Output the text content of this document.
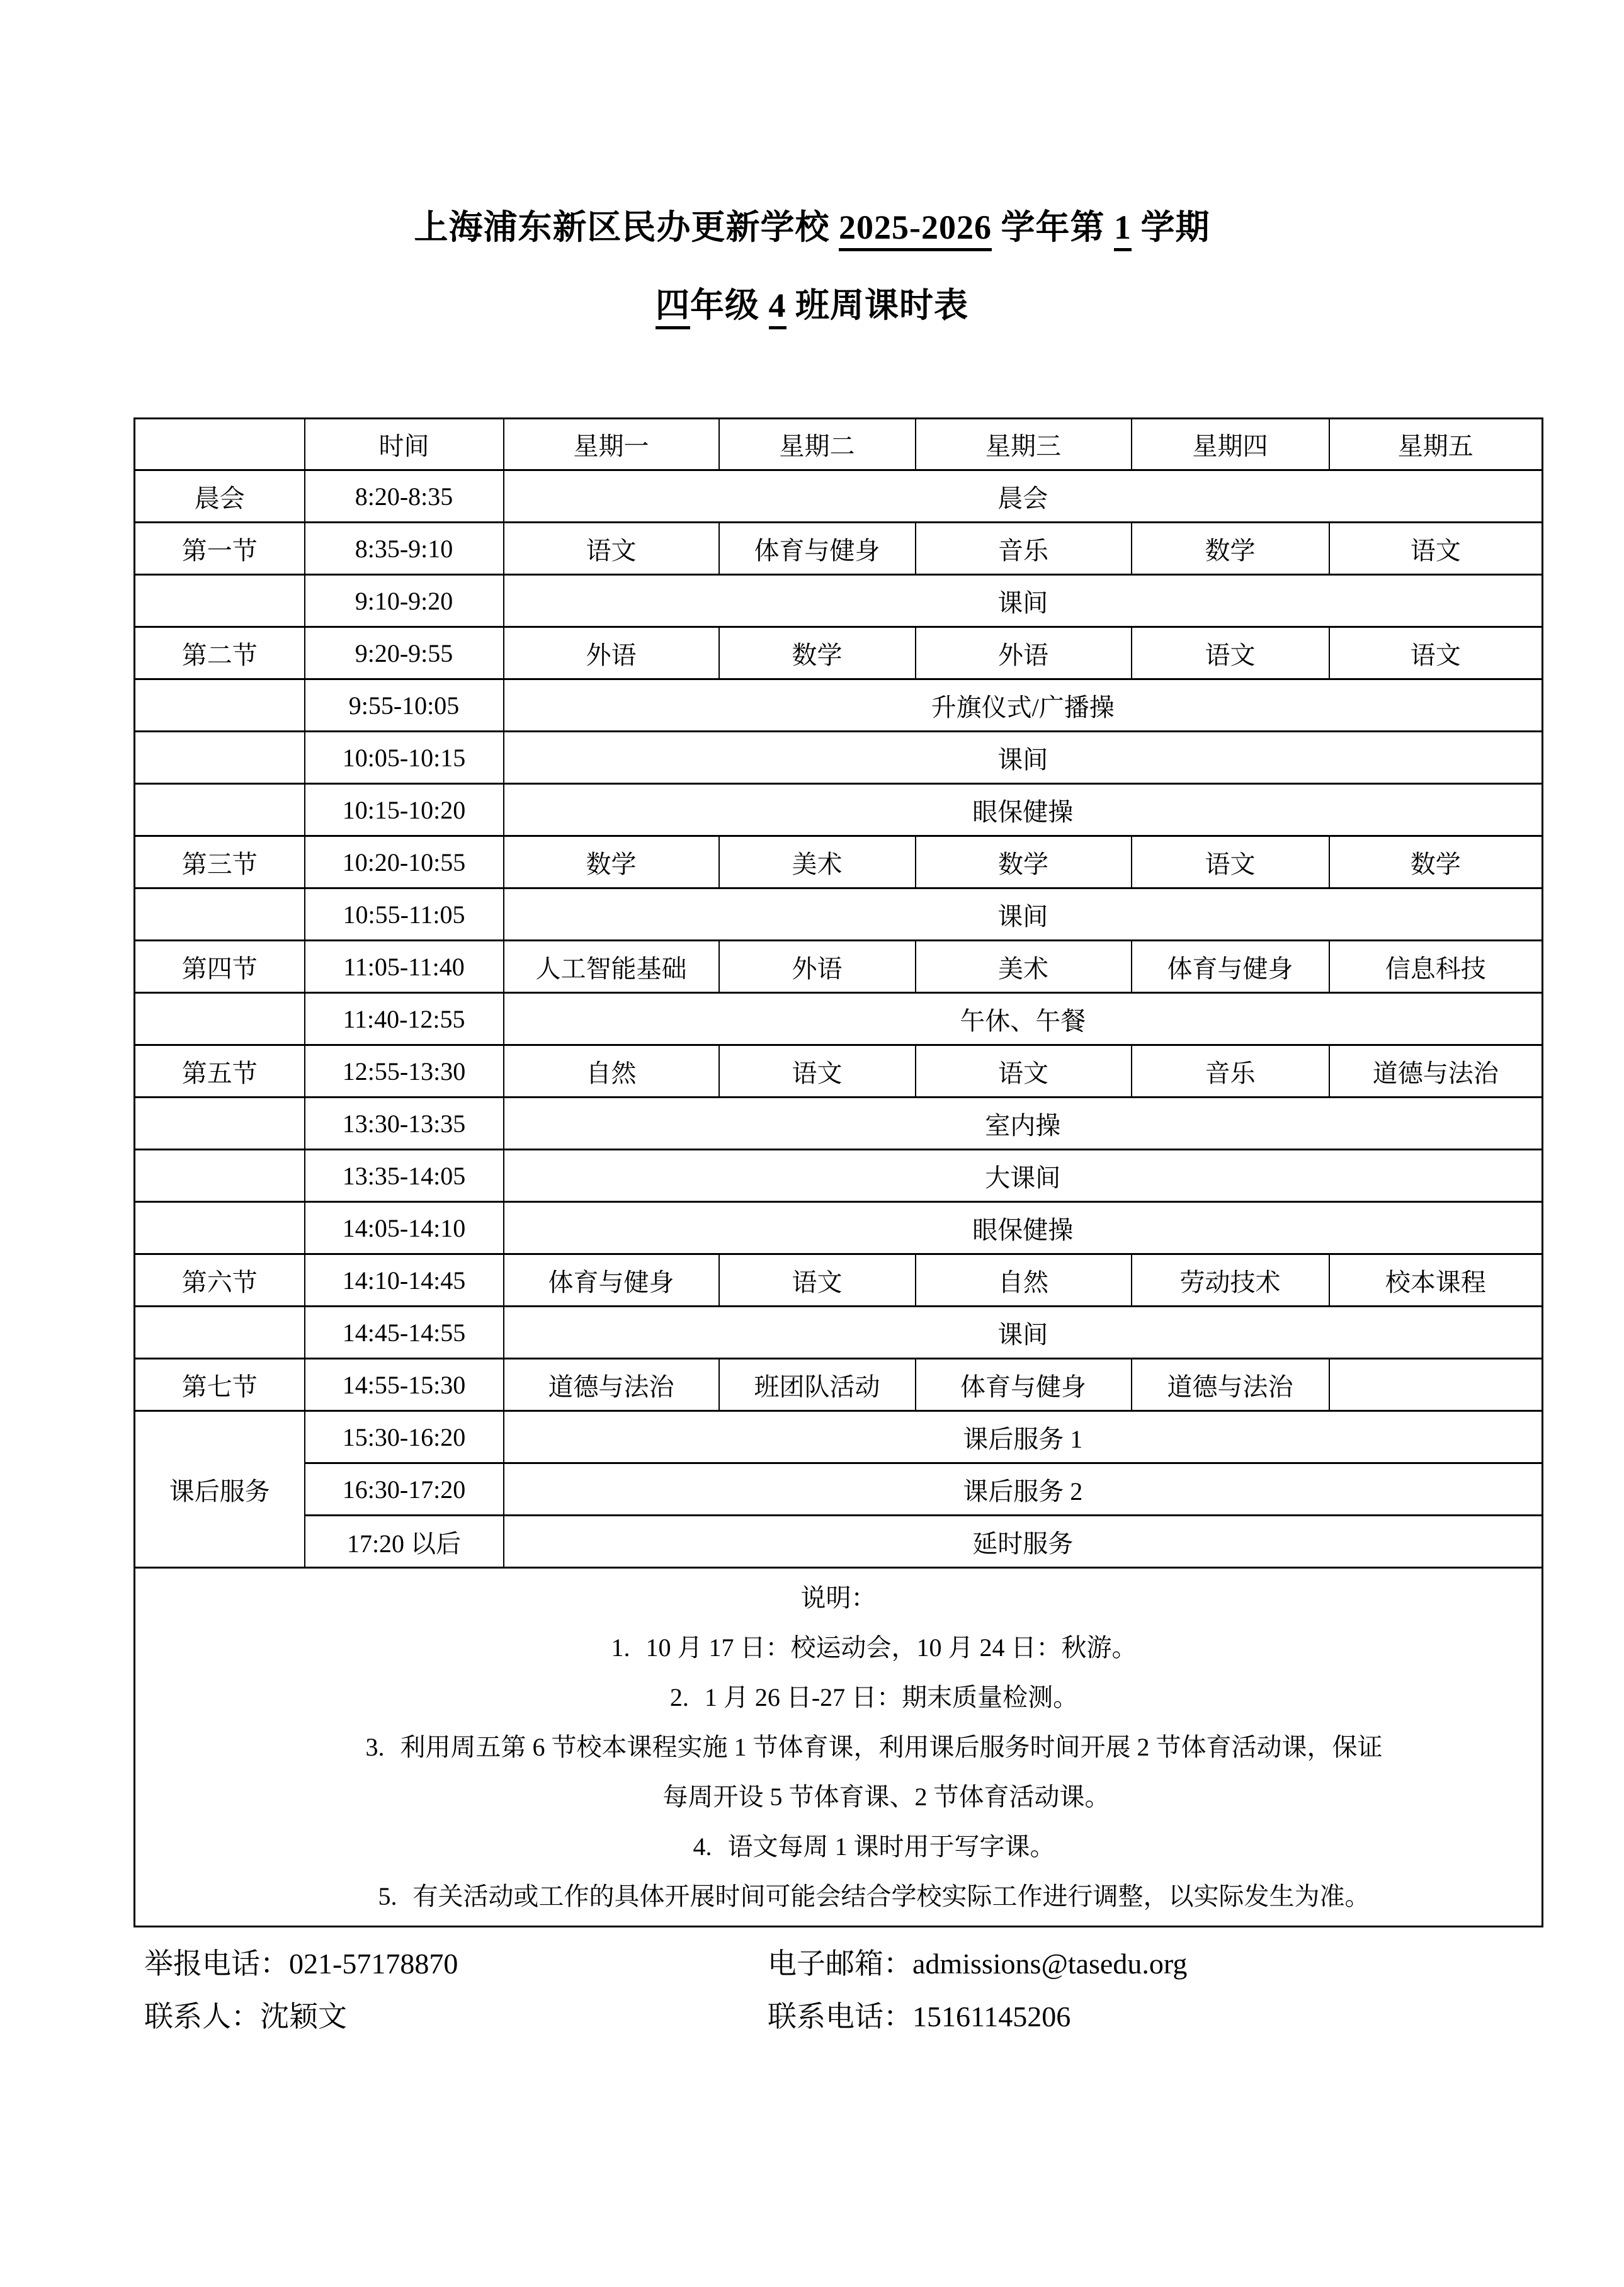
上海浦东新区民办更新学校 2025-2026 学年第 1 学期
四年级 4 班周课时表
	时间	星期一	星期二	星期三	星期四	星期五
晨会	8:20-8:35	晨会				
第一节	8:35-9:10	语文	体育与健身	音乐	数学	语文
	9:10-9:20	课间				
第二节	9:20-9:55	外语	数学	外语	语文	语文
	9:55-10:05	升旗仪式/广播操				
	10:05-10:15	课间				
	10:15-10:20	眼保健操				
第三节	10:20-10:55	数学	美术	数学	语文	数学
	10:55-11:05	课间				
第四节	11:05-11:40	人工智能基础	外语	美术	体育与健身	信息科技
	11:40-12:55	午休、午餐				
第五节	12:55-13:30	自然	语文	语文	音乐	道德与法治
	13:30-13:35	室内操				
	13:35-14:05	大课间				
	14:05-14:10	眼保健操				
第六节	14:10-14:45	体育与健身	语文	自然	劳动技术	校本课程
	14:45-14:55	课间				
第七节	14:55-15:30	道德与法治	班团队活动	体育与健身	道德与法治	
课后服务	15:30-16:20	课后服务 1				
	16:30-17:20	课后服务 2				
	17:20 以后	延时服务				

说明：
1. 10 月 17 日：校运动会，10 月 24 日：秋游。
2. 1 月 26 日-27 日：期末质量检测。
3. 利用周五第 6 节校本课程实施 1 节体育课，利用课后服务时间开展 2 节体育活动课，保证
每周开设 5 节体育课、2 节体育活动课。
4. 语文每周 1 课时用于写字课。
5. 有关活动或工作的具体开展时间可能会结合学校实际工作进行调整，以实际发生为准。
举报电话：021-57178870	电子邮箱：admissions@tasedu.org
联系人：沈颖文	联系电话：15161145206
